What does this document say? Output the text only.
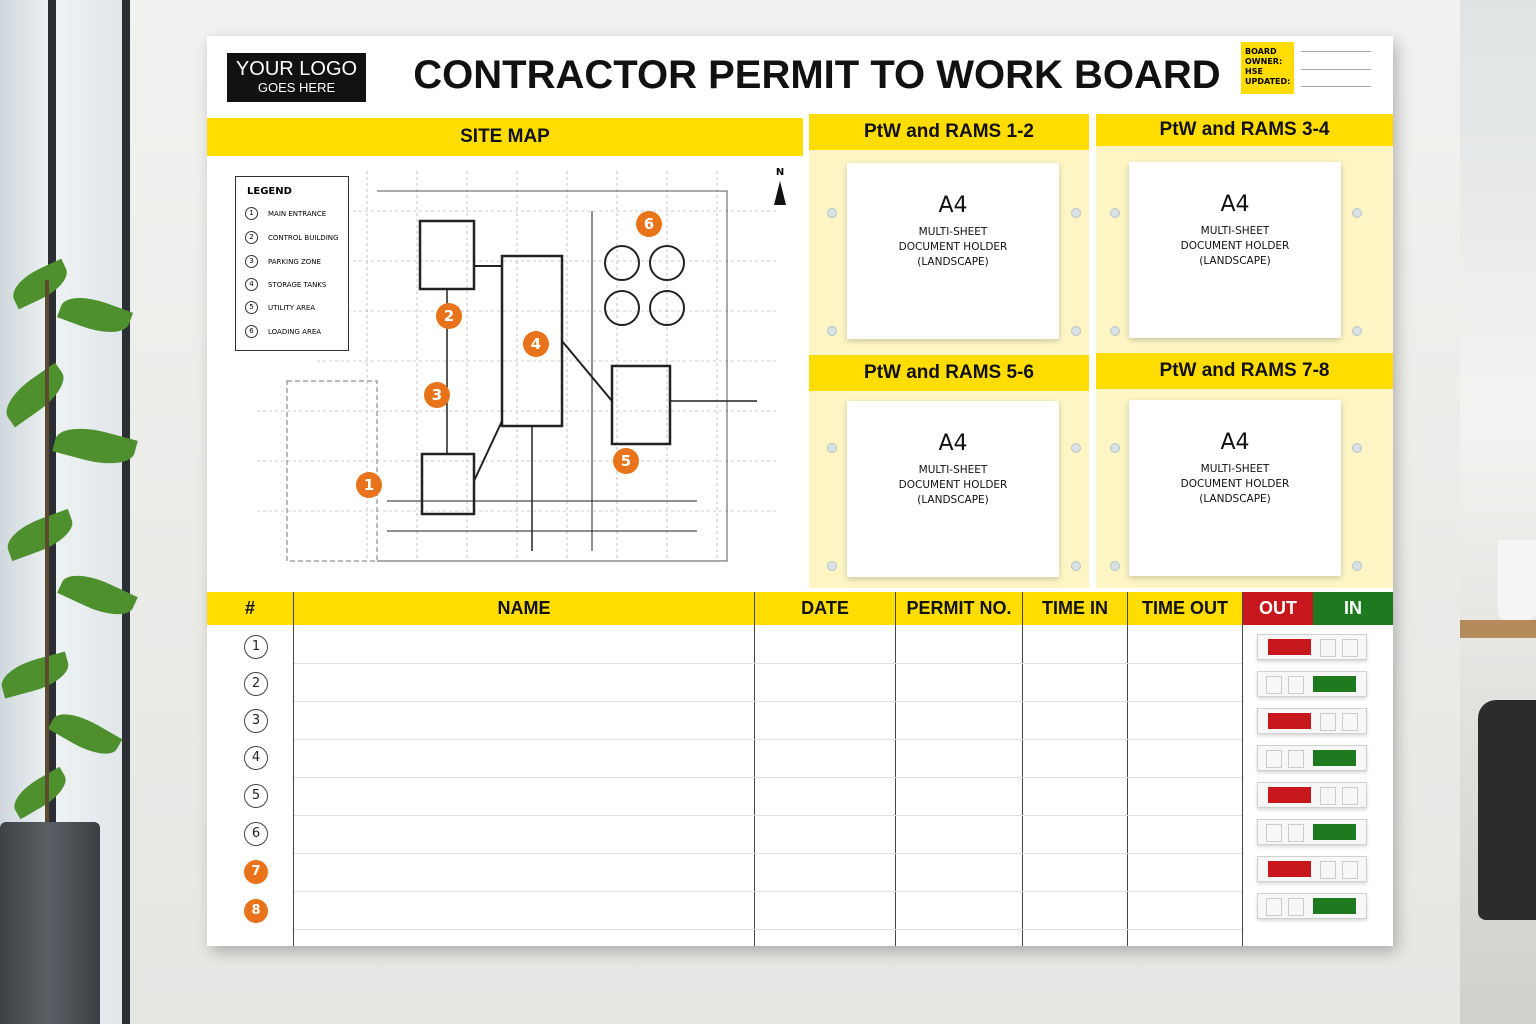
YOUR LOGO
GOES HERE	CONTRACTOR PERMIT TO WORK BOARD
BOARD
OWNER:
HSE
UPDATED:
SITE MAP
LEGEND
1 MAIN ENTRANCE
2 CONTROL BUILDING
3 PARKING ZONE
4 STORAGE TANKS
5 UTILITY AREA
6 LOADING AREA
N
1
2
3
4
5
6
PtW and RAMS 1-2	PtW and RAMS 3-4
PtW and RAMS 5-6	PtW and RAMS 7-8
A4
MULTI-SHEET
DOCUMENT HOLDER
(LANDSCAPE)
A4
MULTI-SHEET
DOCUMENT HOLDER
(LANDSCAPE)
A4
MULTI-SHEET
DOCUMENT HOLDER
(LANDSCAPE)
A4
MULTI-SHEET
DOCUMENT HOLDER
(LANDSCAPE)
#	NAME	DATE	PERMIT NO.	TIME IN	TIME OUT	OUT	IN
1
2
3
4
5
6
7
8
